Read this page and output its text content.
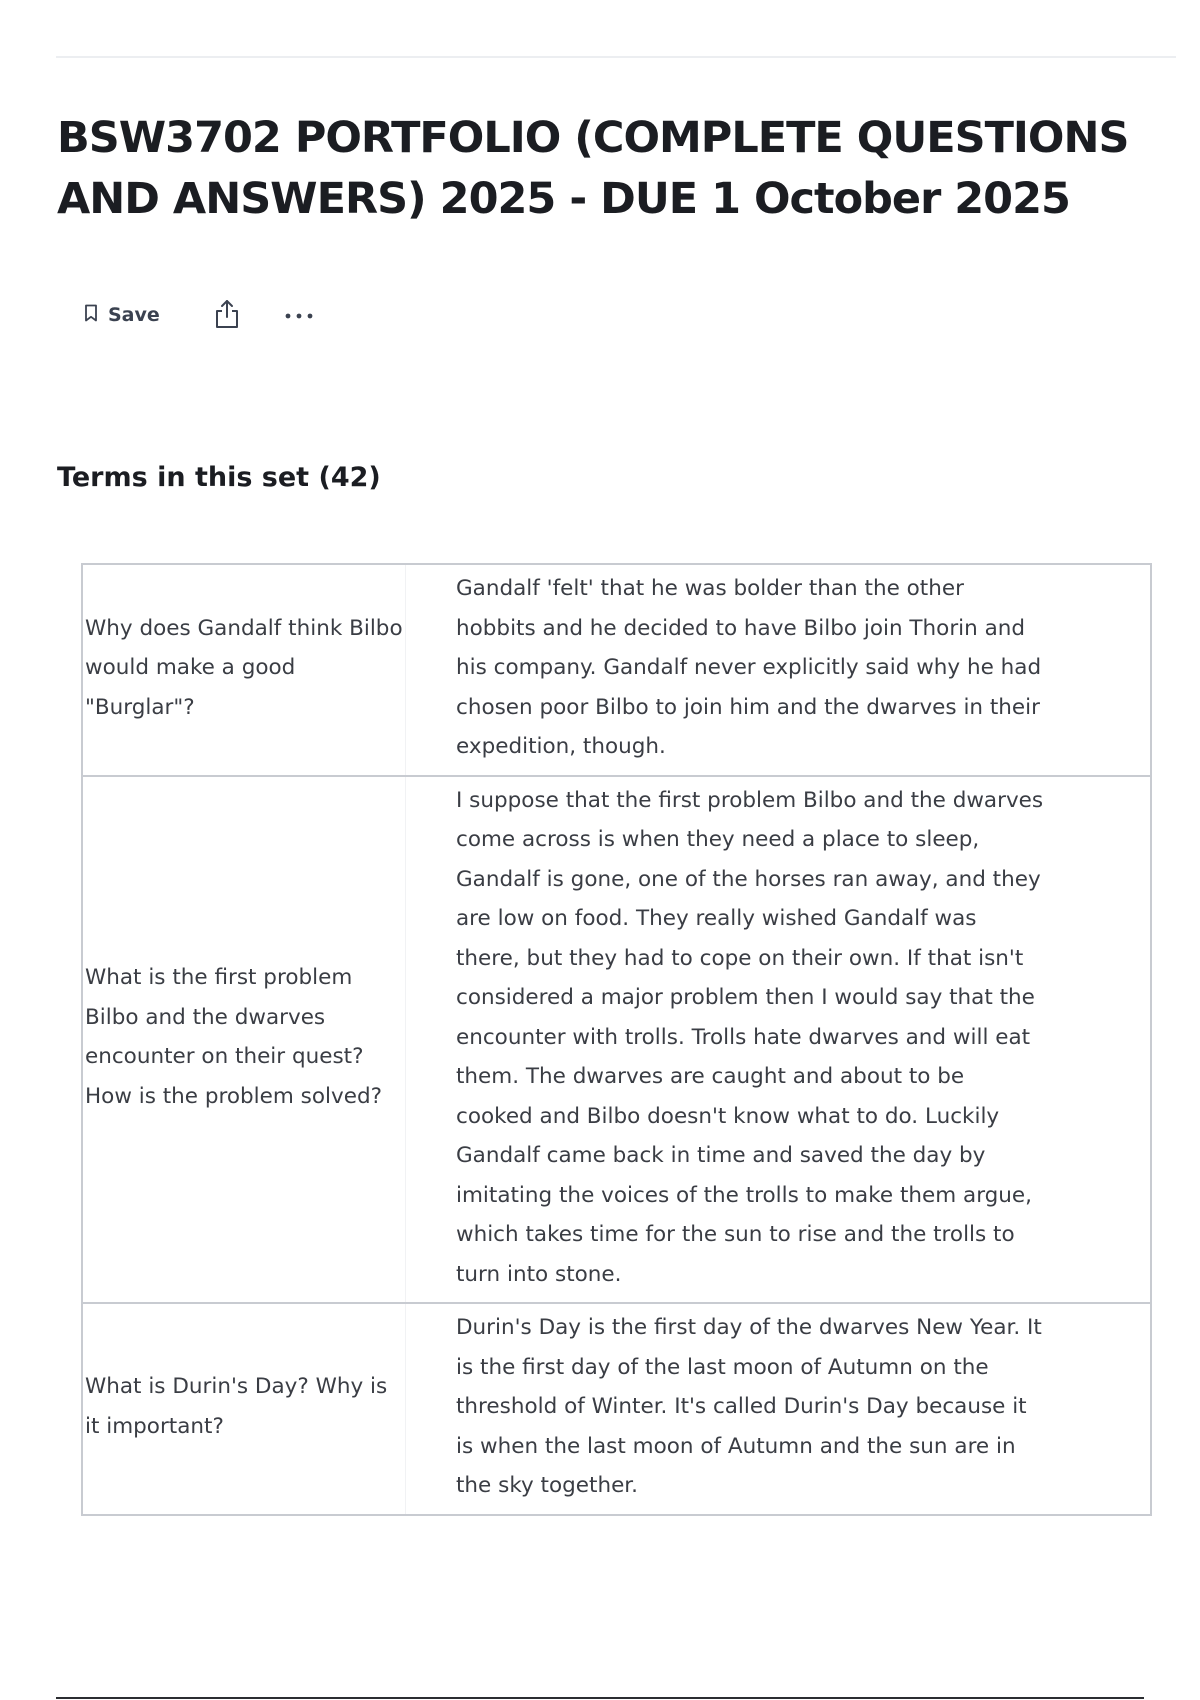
BSW3702 PORTFOLIO (COMPLETE QUESTIONS AND ANSWERS) 2025 - DUE 1 October 2025
Save
Terms in this set (42)
Why does Gandalf think Bilbo would make a good "Burglar"?	Gandalf 'felt' that he was bolder than the other hobbits and he decided to have Bilbo join Thorin and his company. Gandalf never explicitly said why he had chosen poor Bilbo to join him and the dwarves in their expedition, though.
What is the first problem Bilbo and the dwarves encounter on their quest? How is the problem solved?	I suppose that the first problem Bilbo and the dwarves come across is when they need a place to sleep, Gandalf is gone, one of the horses ran away, and they are low on food. They really wished Gandalf was there, but they had to cope on their own. If that isn't considered a major problem then I would say that the encounter with trolls. Trolls hate dwarves and will eat them. The dwarves are caught and about to be cooked and Bilbo doesn't know what to do. Luckily Gandalf came back in time and saved the day by imitating the voices of the trolls to make them argue, which takes time for the sun to rise and the trolls to turn into stone.
What is Durin's Day? Why is it important?	Durin's Day is the first day of the dwarves New Year. It is the first day of the last moon of Autumn on the threshold of Winter. It's called Durin's Day because it is when the last moon of Autumn and the sun are in the sky together.
